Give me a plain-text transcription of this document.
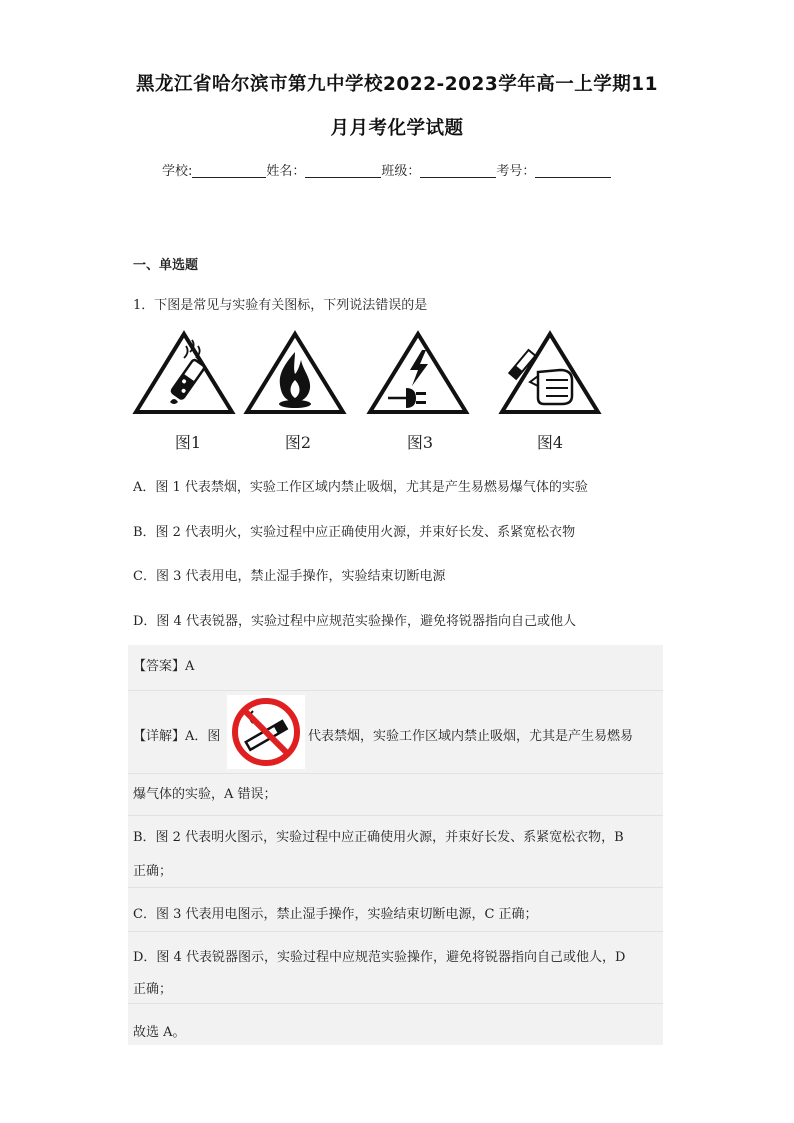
黑龙江省哈尔滨市第九中学校2022-2023学年高一上学期11
月月考化学试题
学校:	姓名：	班级：	考号：
一、单选题
1．下图是常见与实验有关图标，下列说法错误的是
图1	图2	图3	图4
A．图 1 代表禁烟，实验工作区域内禁止吸烟，尤其是产生易燃易爆气体的实验
B．图 2 代表明火，实验过程中应正确使用火源，并束好长发、系紧宽松衣物
C．图 3 代表用电，禁止湿手操作，实验结束切断电源
D．图 4 代表锐器，实验过程中应规范实验操作，避免将锐器指向自己或他人
【答案】A
【详解】A．图	代表禁烟，实验工作区域内禁止吸烟，尤其是产生易燃易
爆气体的实验，A 错误；
B．图 2 代表明火图示，实验过程中应正确使用火源，并束好长发、系紧宽松衣物，B
正确；
C．图 3 代表用电图示，禁止湿手操作，实验结束切断电源，C 正确；
D．图 4 代表锐器图示，实验过程中应规范实验操作，避免将锐器指向自己或他人，D
正确；
故选 A。
